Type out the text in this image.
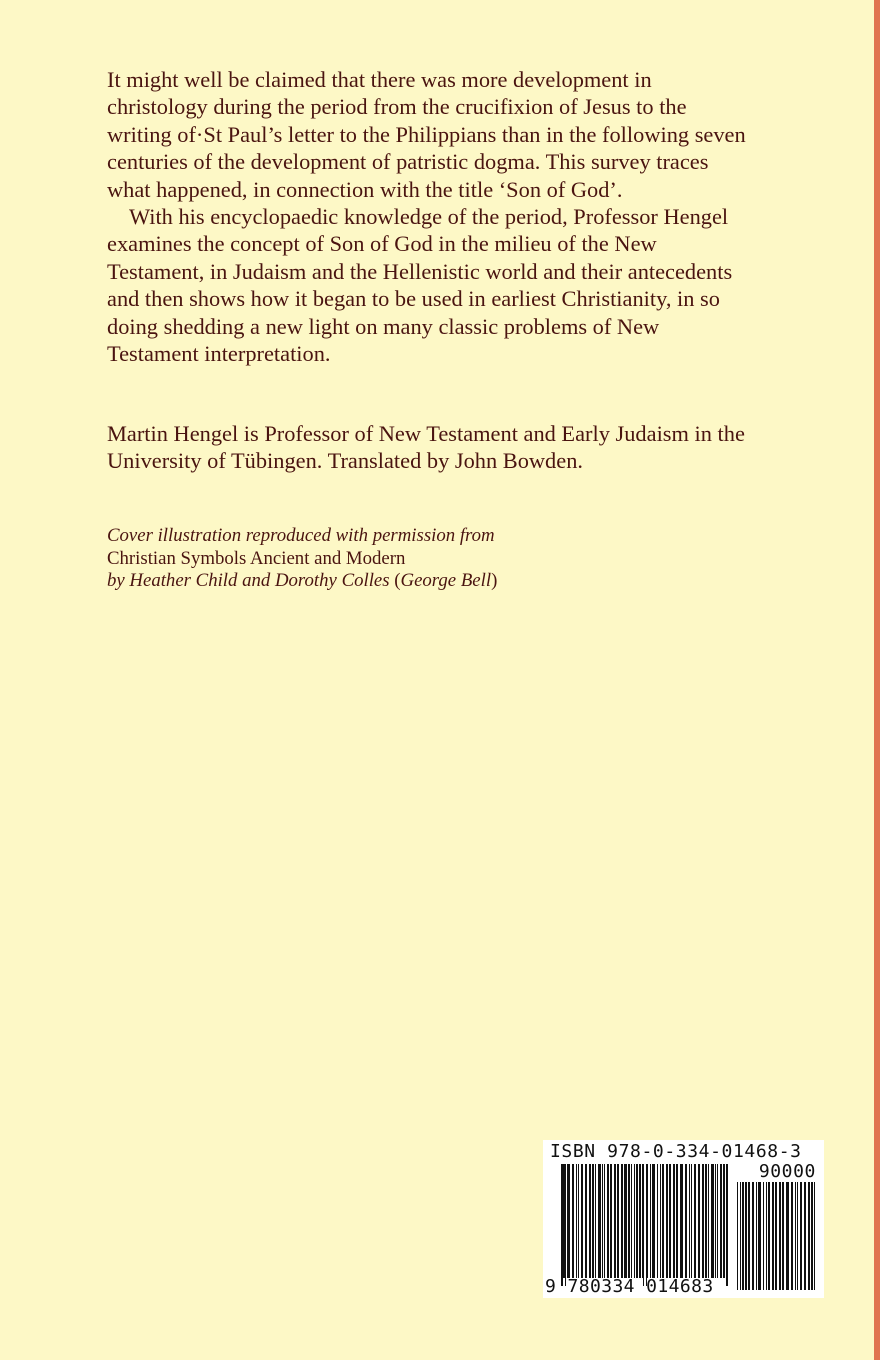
It might well be claimed that there was more development in christology during the period from the crucifixion of Jesus to the writing of·St Paul’s letter to the Philippians than in the following seven centuries of the development of patristic dogma. This survey traces what happened, in connection with the title ‘Son of God’.

With his encyclopaedic knowledge of the period, Professor Hengel examines the concept of Son of God in the milieu of the New Testament, in Judaism and the Hellenistic world and their antecedents and then shows how it began to be used in earliest Christianity, in so doing shedding a new light on many classic problems of New Testament interpretation.

Martin Hengel is Professor of New Testament and Early Judaism in the University of Tübingen. Translated by John Bowden.

Cover illustration reproduced with permission from
Christian Symbols Ancient and Modern
by Heather Child and Dorothy Colles (George Bell)
ISBN 978-0-334-01468-3
90000
9 780334 014683
